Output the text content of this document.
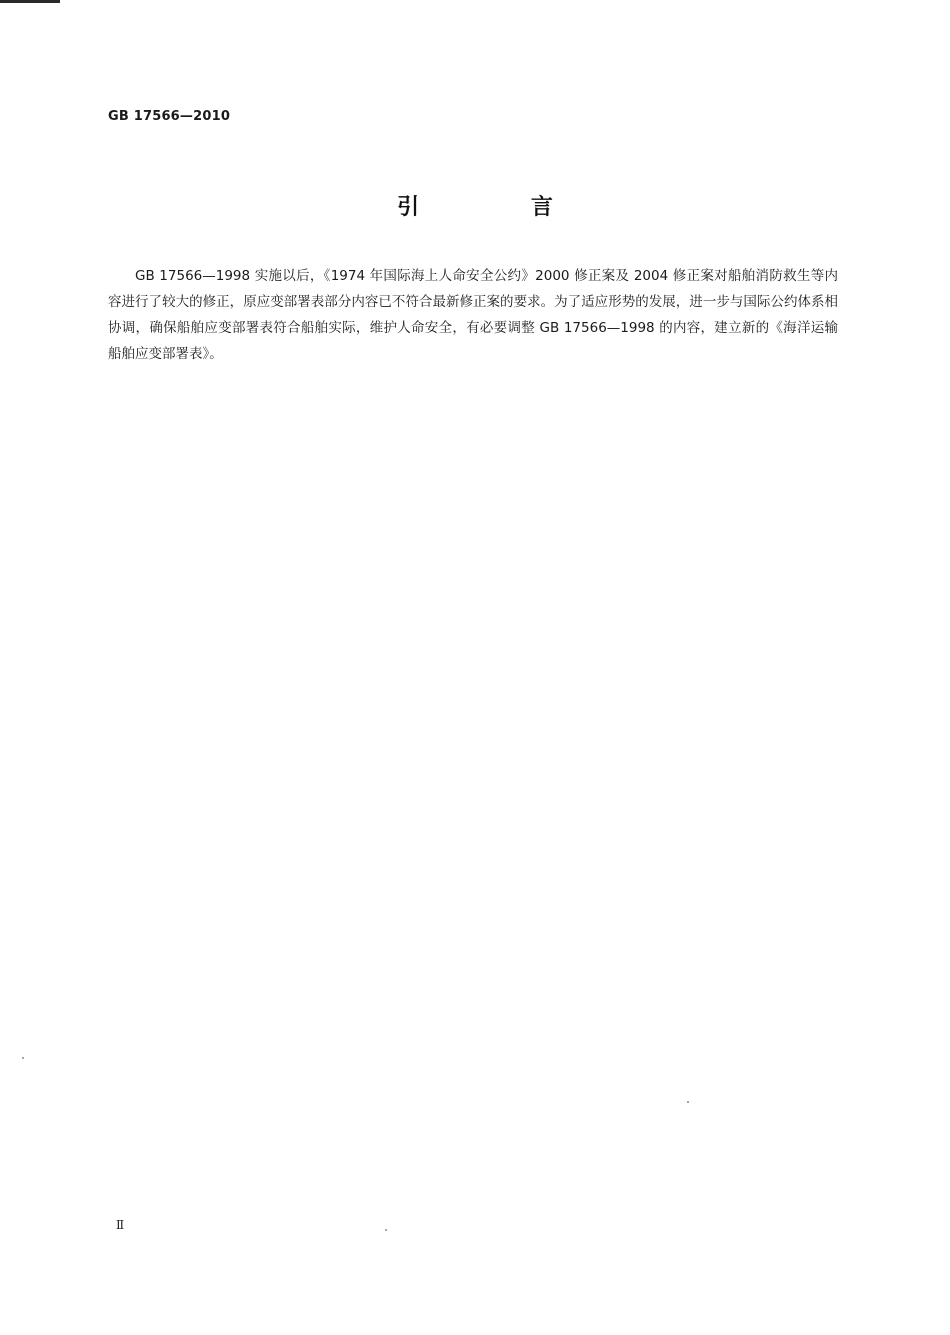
GB 17566—2010
引 言
GB 17566—1998 实施以后，《1974 年国际海上人命安全公约》2000 修正案及 2004 修正案对船舶消防救生等内容进行了较大的修正，原应变部署表部分内容已不符合最新修正案的要求。为了适应形势的发展，进一步与国际公约体系相协调，确保船舶应变部署表符合船舶实际，维护人命安全，有必要调整 GB 17566—1998 的内容，建立新的《海洋运输船舶应变部署表》。
Ⅱ
